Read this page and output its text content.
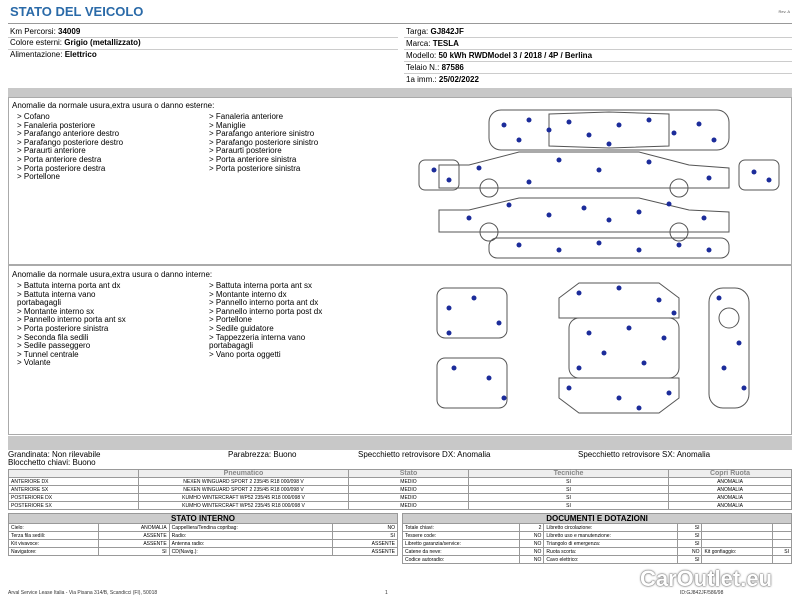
STATO DEL VEICOLO	Rev. A
Km Percorsi: 34009
Colore esterni: Grigio (metallizzato)
Alimentazione: Elettrico
Targa: GJ842JF
Marca: TESLA
Modello: 50 kWh RWDModel 3 / 2018 / 4P / Berlina
Telaio N.: 87586
1a imm.: 25/02/2022
Anomalie da normale usura,extra usura o danno esterne:
> Cofano
> Fanaleria posteriore
> Parafango anteriore destro
> Parafango posteriore destro
> Paraurti anteriore
> Porta anteriore destra
> Porta posteriore destra
> Portellone
> Fanaleria anteriore
> Maniglie
> Parafango anteriore sinistro
> Parafango posteriore sinistro
> Paraurti posteriore
> Porta anteriore sinistra
> Porta posteriore sinistra
Anomalie da normale usura,extra usura o danno interne:
> Battuta interna porta ant dx
> Battuta interna vano
portabagagli
> Montante interno sx
> Pannello interno porta ant sx
> Porta posteriore sinistra
> Seconda fila sedili
> Sedile passeggero
> Tunnel centrale
> Volante
> Battuta interna porta ant sx
> Montante interno dx
> Pannello interno porta ant dx
> Pannello interno porta post dx
> Portellone
> Sedile guidatore
> Tappezzeria interna vano
portabagagli
> Vano porta oggetti
Grandinata: Non rilevabile	Parabrezza: Buono	Specchietto retrovisore DX: Anomalia	Specchietto retrovisore SX: Anomalia
Blocchetto chiavi: Buono
	Pneumatico	Stato	Tecniche	Copri Ruota
ANTERIORE DX	NEXEN WINGUARD SPORT 2 235/45 R18 000/098 V	MEDIO	SI	ANOMALIA
ANTERIORE SX	NEXEN WINGUARD SPORT 2 235/45 R18 000/098 V	MEDIO	SI	ANOMALIA
POSTERIORE DX	KUMHO WINTERCRAFT WP52 235/45 R18 000/098 V	MEDIO	SI	ANOMALIA
POSTERIORE SX	KUMHO WINTERCRAFT WP52 235/45 R18 000/098 V	MEDIO	SI	ANOMALIA
STATO INTERNO			
Cielo:	ANOMALIA	Cappelliera/Tendina copribag:	NO
Terza fila sedili:	ASSENTE	Radio:	SI
Kit vivavoce:	ASSENTE	Antenna radio:	ASSENTE
Navigatore:	SI	CD(Navig.):	ASSENTE
DOCUMENTI E DOTAZIONI					
Totale chiavi:	2	Libretto circolazione:	SI		
Tessere code:	NO	Libretto uso e manutenzione:	SI		
Libretto garanzia/service:	NO	Triangolo di emergenza:	SI		
Catene da neve:	NO	Ruota scorta:	NO	Kit gonfiaggio:	SI
Codice autoradio:	NO	Cavo elettrico:	SI		
Arval Service Lease Italia - Via Pisana 314/B, Scandicci (FI), 50018	1	ID:GJ842JF/586/98
CarOutlet.eu
